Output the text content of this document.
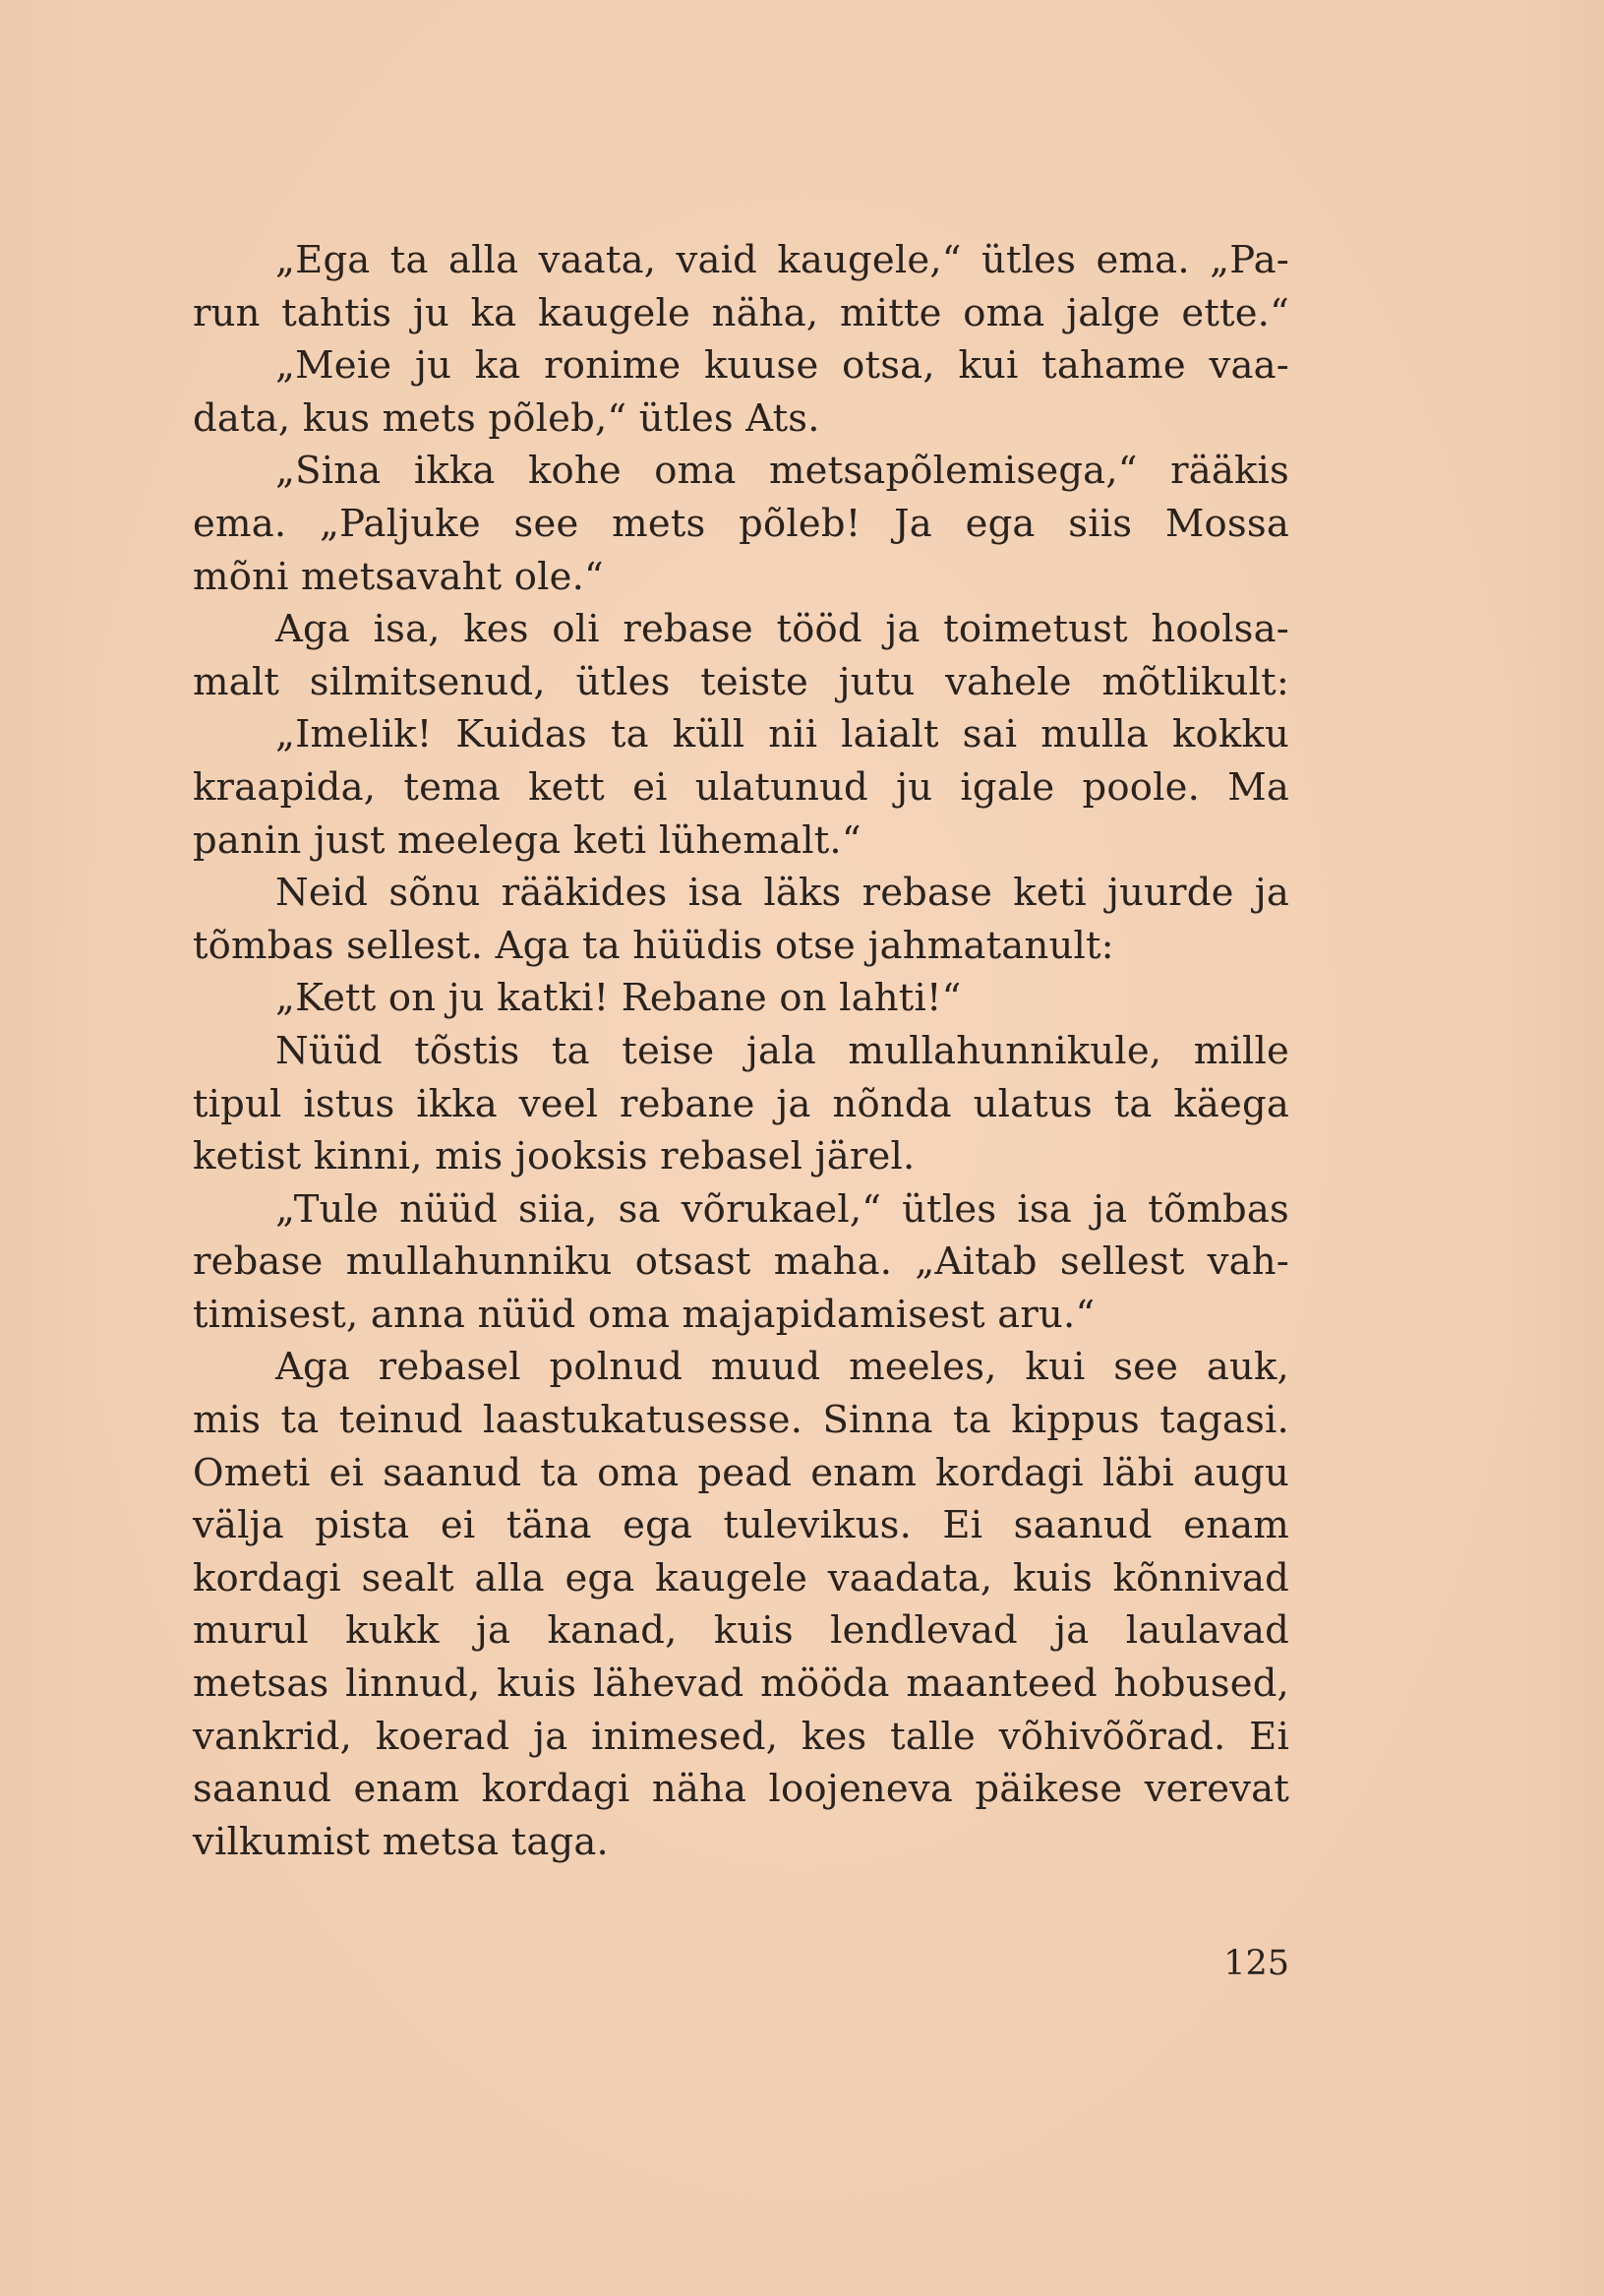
„Ega ta alla vaata, vaid kaugele,“ ütles ema. „Pa-
run tahtis ju ka kaugele näha, mitte oma jalge ette.“
„Meie ju ka ronime kuuse otsa, kui tahame vaa-
data, kus mets põleb,“ ütles Ats.
„Sina ikka kohe oma metsapõlemisega,“ rääkis
ema. „Paljuke see mets põleb! Ja ega siis Mossa
mõni metsavaht ole.“
Aga isa, kes oli rebase tööd ja toimetust hoolsa-
malt silmitsenud, ütles teiste jutu vahele mõtlikult:
„Imelik! Kuidas ta küll nii laialt sai mulla kokku
kraapida, tema kett ei ulatunud ju igale poole. Ma
panin just meelega keti lühemalt.“
Neid sõnu rääkides isa läks rebase keti juurde ja
tõmbas sellest. Aga ta hüüdis otse jahmatanult:
„Kett on ju katki! Rebane on lahti!“
Nüüd tõstis ta teise jala mullahunnikule, mille
tipul istus ikka veel rebane ja nõnda ulatus ta käega
ketist kinni, mis jooksis rebasel järel.
„Tule nüüd siia, sa võrukael,“ ütles isa ja tõmbas
rebase mullahunniku otsast maha. „Aitab sellest vah-
timisest, anna nüüd oma majapidamisest aru.“
Aga rebasel polnud muud meeles, kui see auk,
mis ta teinud laastukatusesse. Sinna ta kippus tagasi.
Ometi ei saanud ta oma pead enam kordagi läbi augu
välja pista ei täna ega tulevikus. Ei saanud enam
kordagi sealt alla ega kaugele vaadata, kuis kõnnivad
murul kukk ja kanad, kuis lendlevad ja laulavad
metsas linnud, kuis lähevad mööda maanteed hobused,
vankrid, koerad ja inimesed, kes talle võhivõõrad. Ei
saanud enam kordagi näha loojeneva päikese verevat
vilkumist metsa taga.
125
